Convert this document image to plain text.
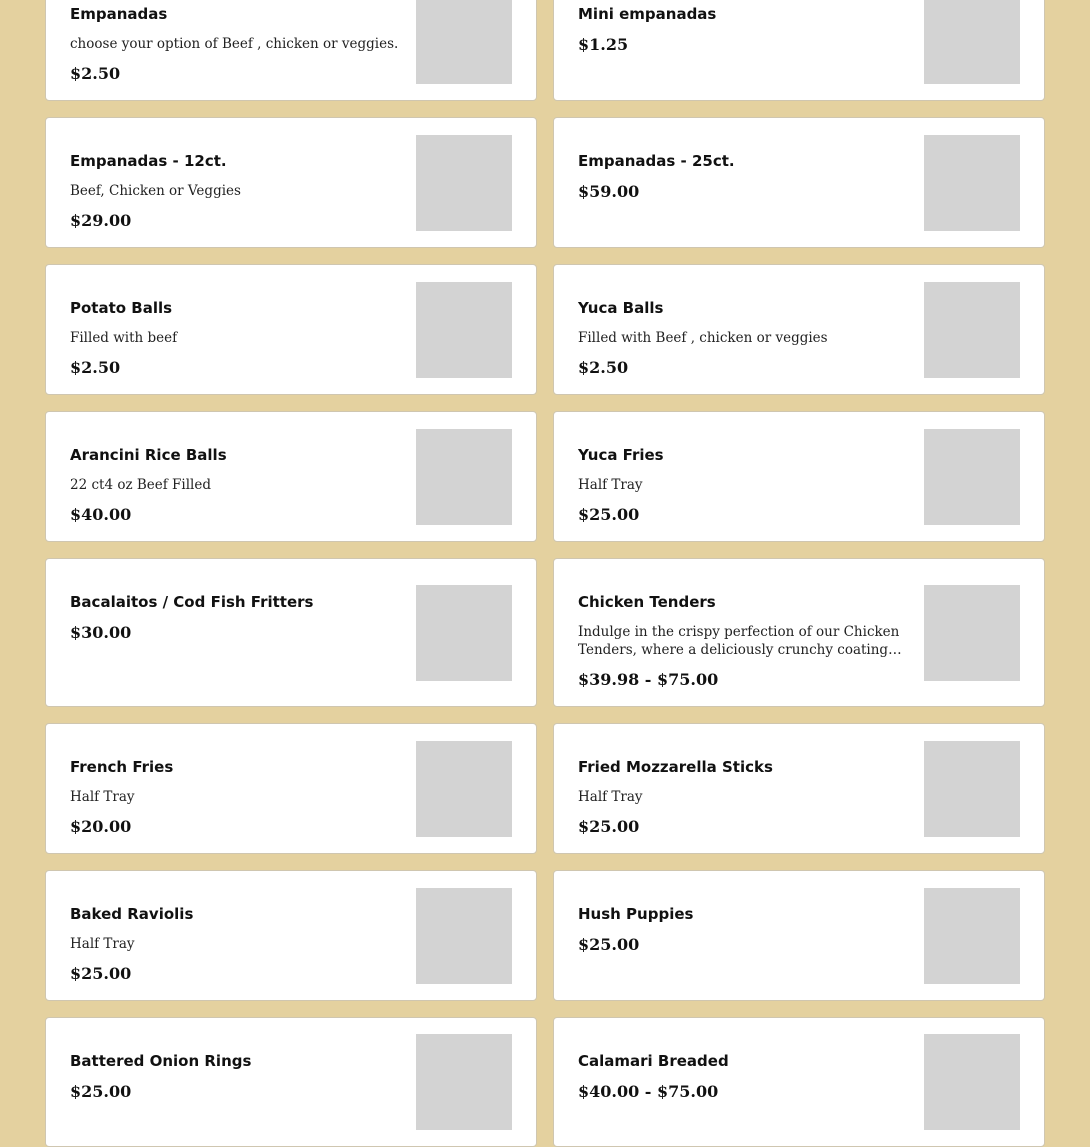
Empanadas
choose your option of Beef , chicken or veggies.
$2.50
Mini empanadas
$1.25
Empanadas - 12ct.
Beef, Chicken or Veggies
$29.00
Empanadas - 25ct.
$59.00
Potato Balls
Filled with beef
$2.50
Yuca Balls
Filled with Beef , chicken or veggies
$2.50
Arancini Rice Balls
22 ct4 oz Beef Filled
$40.00
Yuca Fries
Half Tray
$25.00
Bacalaitos / Cod Fish Fritters
$30.00
Chicken Tenders
Indulge in the crispy perfection of our Chicken Tenders, where a deliciously crunchy coating…
$39.98 - $75.00
French Fries
Half Tray
$20.00
Fried Mozzarella Sticks
Half Tray
$25.00
Baked Raviolis
Half Tray
$25.00
Hush Puppies
$25.00
Battered Onion Rings
$25.00
Calamari Breaded
$40.00 - $75.00
